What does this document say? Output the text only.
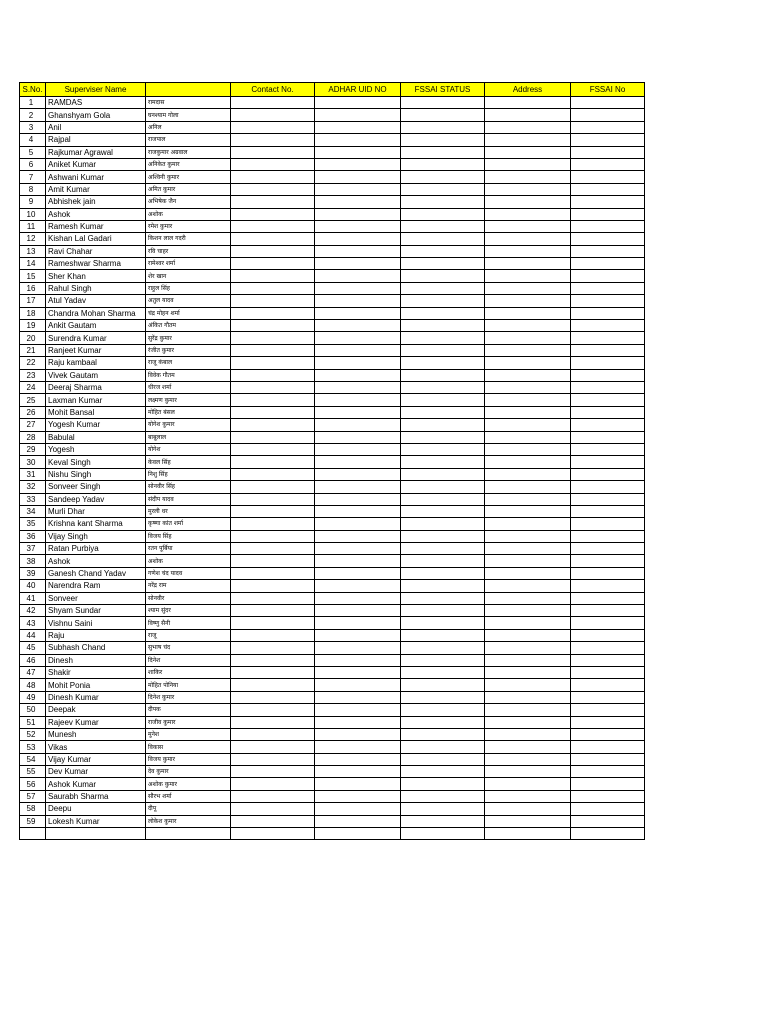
S.No.	Superviser Name		Contact No.	ADHAR UID NO	FSSAI STATUS	Address	FSSAI No
1	RAMDAS	रामदास					
2	Ghanshyam Gola	घनश्याम गोला					
3	Anil	अनिल					
4	Rajpal	राजपाल					
5	Rajkumar Agrawal	राजकुमार अग्रवाल					
6	Aniket Kumar	अनिकेत कुमार					
7	Ashwani Kumar	अश्विनी कुमार					
8	Amit Kumar	अमित कुमार					
9	Abhishek jain	अभिषेक जैन					
10	Ashok	अशोक					
11	Ramesh Kumar	रमेश कुमार					
12	Kishan Lal Gadari	किशन लाल गदरी					
13	Ravi Chahar	रवि चाहर					
14	Rameshwar Sharma	रामेश्वर शर्मा					
15	Sher Khan	शेर खान					
16	Rahul Singh	राहुल सिंह					
17	Atul Yadav	अतुल यादव					
18	Chandra Mohan Sharma	चंद्र मोहन शर्मा					
19	Ankit Gautam	अंकित गौतम					
20	Surendra Kumar	सुरेंद्र कुमार					
21	Ranjeet Kumar	रंजीत कुमार					
22	Raju kambaal	राजू कंबाल					
23	Vivek Gautam	विवेक गौतम					
24	Deeraj Sharma	धीरज शर्मा					
25	Laxman Kumar	लक्ष्मण कुमार					
26	Mohit Bansal	मोहित बंसल					
27	Yogesh Kumar	योगेश कुमार					
28	Babulal	बाबूलाल					
29	Yogesh	योगेश					
30	Keval Singh	केवल सिंह					
31	Nishu Singh	निशु सिंह					
32	Sonveer Singh	सोनवीर सिंह					
33	Sandeep Yadav	संदीप यादव					
34	Murli Dhar	मुरली धर					
35	Krishna kant Sharma	कृष्णा कांत शर्मा					
36	Vijay Singh	विजय सिंह					
37	Ratan Purbiya	रतन पूर्बिया					
38	Ashok	अशोक					
39	Ganesh Chand Yadav	गणेश चंद यादव					
40	Narendra Ram	नरेंद्र राम					
41	Sonveer	सोनवीर					
42	Shyam Sundar	श्याम सुंदर					
43	Vishnu Saini	विष्णु सैनी					
44	Raju	राजू					
45	Subhash Chand	सुभाष चंद					
46	Dinesh	दिनेश					
47	Shakir	शाकिर					
48	Mohit Ponia	मोहित पोनिया					
49	Dinesh Kumar	दिनेश कुमार					
50	Deepak	दीपक					
51	Rajeev Kumar	राजीव कुमार					
52	Munesh	मुनेश					
53	Vikas	विकास					
54	Vijay Kumar	विजय कुमार					
55	Dev Kumar	देव कुमार					
56	Ashok Kumar	अशोक कुमार					
57	Saurabh Sharma	सौरभ शर्मा					
58	Deepu	दीपू					
59	Lokesh Kumar	लोकेश कुमार					
